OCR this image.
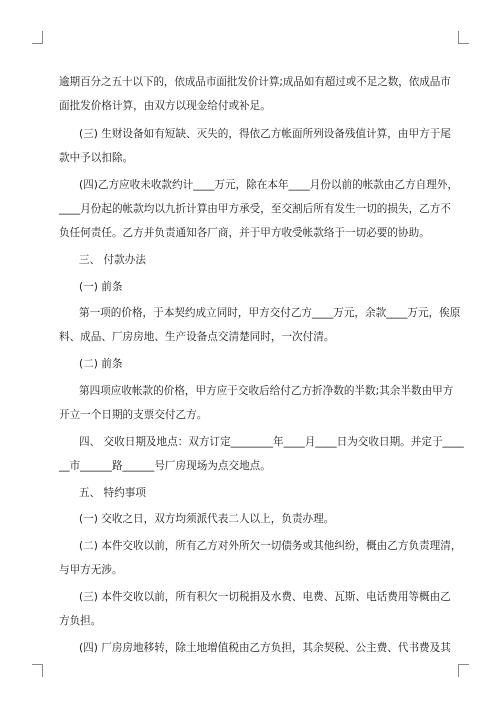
逾期百分之五十以下的，依成品市面批发价计算;成品如有超过或不足之数，依成品市
面批发价格计算，由双方以现金给付或补足。
(三) 生财设备如有短缺、灭失的，得依乙方帐面所列设备残值计算，由甲方于尾
款中予以扣除。
(四)乙方应收未收款约计____万元，除在本年____月份以前的帐款由乙方自理外，
____月份起的帐款均以九折计算由甲方承受，至交割后所有发生一切的损失，乙方不
负任何责任。乙方并负责通知各厂商，并于甲方收受帐款络于一切必要的协助。
三、 付款办法
(一) 前条
第一项的价格，于本契约成立同时，甲方交付乙方____万元，余款____万元，俟原
料、成品、厂房房地、生产设备点交清楚同时，一次付清。
(二) 前条
第四项应收帐款的价格，甲方应于交收后给付乙方折净数的半数;其余半数由甲方
开立一个日期的支票交付乙方。
四、 交收日期及地点：双方订定________年____月____日为交收日期。并定于____
__市______路______号厂房现场为点交地点。
五、 特约事项
(一) 交收之日，双方均须派代表二人以上，负责办理。
(二) 本件交收以前，所有乙方对外所欠一切债务或其他纠纷，概由乙方负责理清，
与甲方无涉。
(三) 本件交收以前，所有积欠一切税捐及水费、电费、瓦斯、电话费用等概由乙
方负担。
(四) 厂房房地移转，除土地增值税由乙方负担，其余契税、公主费、代书费及其
